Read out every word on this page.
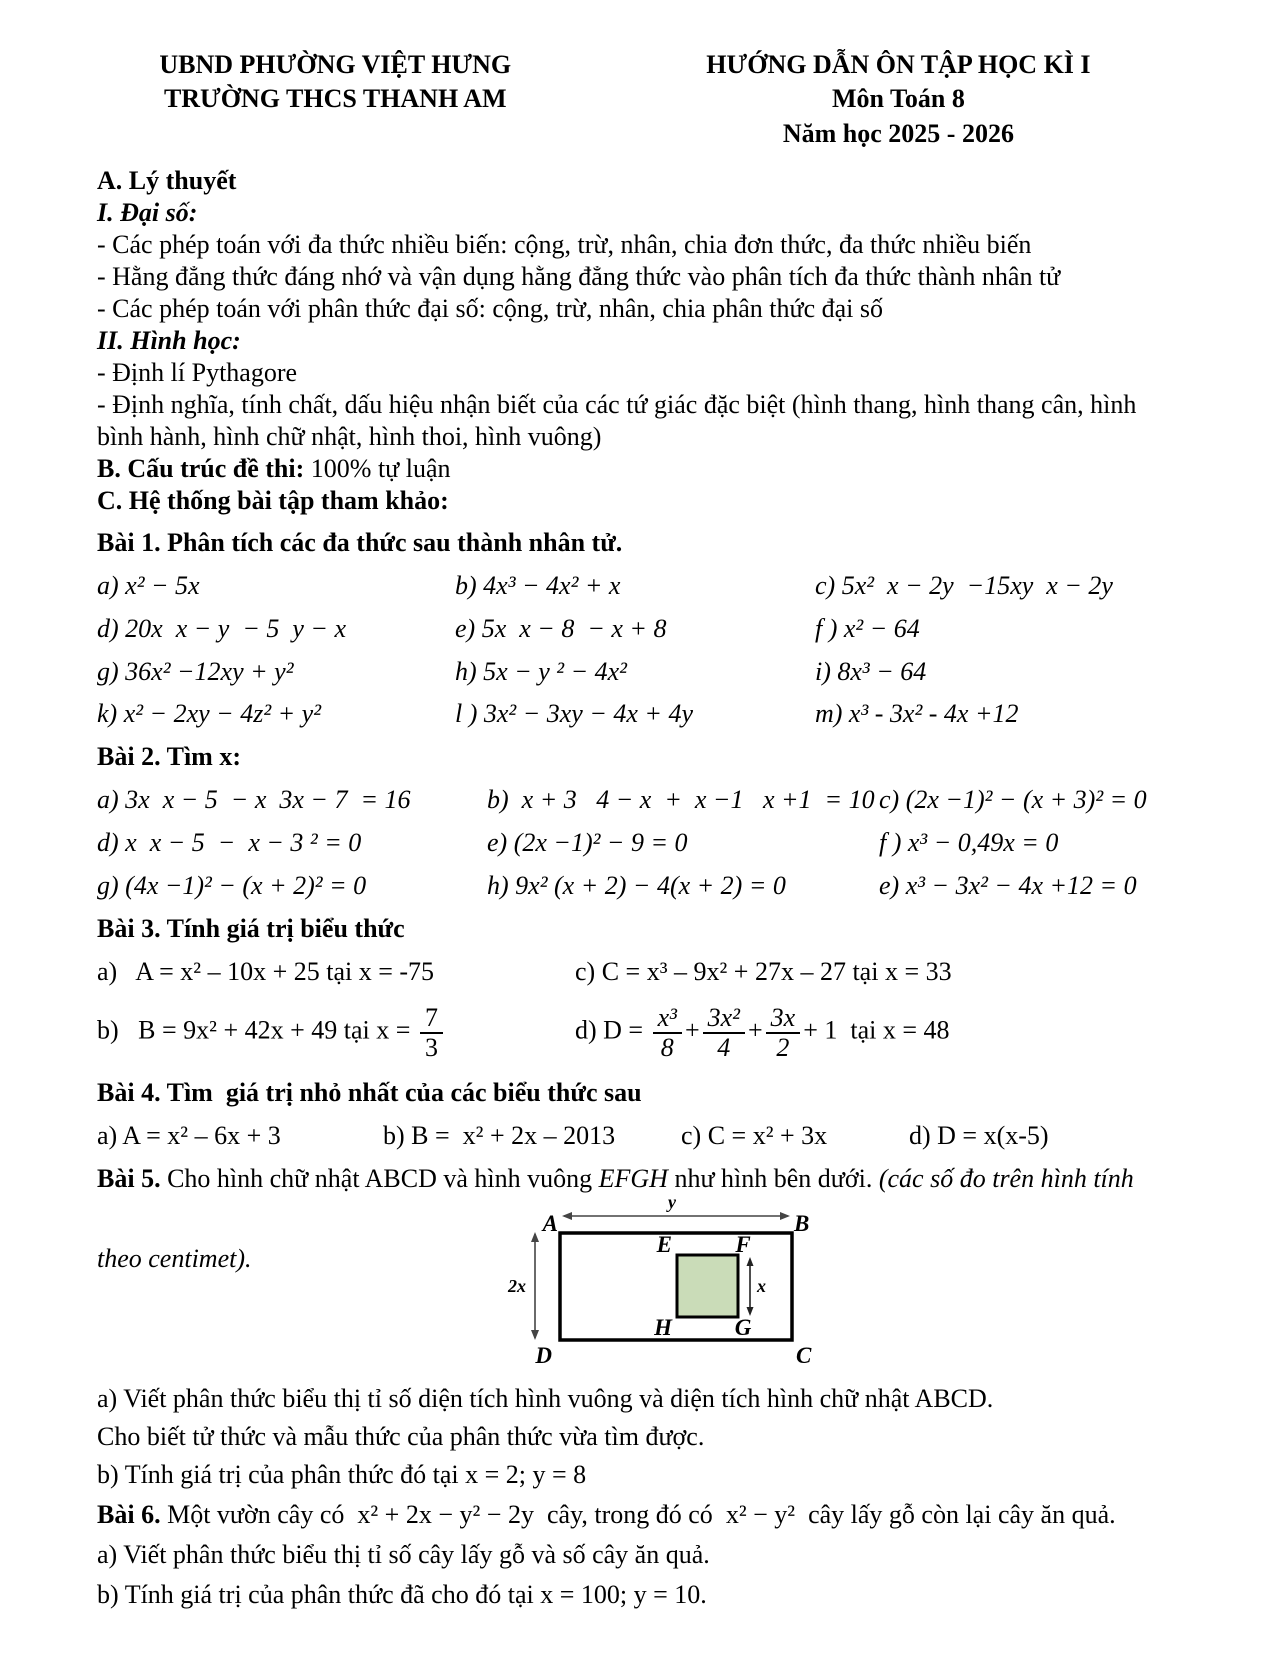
UBND PHƯỜNG VIỆT HƯNG
TRƯỜNG THCS THANH AM
HƯỚNG DẪN ÔN TẬP HỌC KÌ I
Môn Toán 8
Năm học 2025 - 2026

A. Lý thuyết

I. Đại số:

- Các phép toán với đa thức nhiều biến: cộng, trừ, nhân, chia đơn thức, đa thức nhiều biến

- Hằng đẳng thức đáng nhớ và vận dụng hằng đẳng thức vào phân tích đa thức thành nhân tử

- Các phép toán với phân thức đại số: cộng, trừ, nhân, chia phân thức đại số

II. Hình học:

- Định lí Pythagore

- Định nghĩa, tính chất, dấu hiệu nhận biết của các tứ giác đặc biệt (hình thang, hình thang cân, hình bình hành, hình chữ nhật, hình thoi, hình vuông)

B. Cấu trúc đề thi: 100% tự luận

C. Hệ thống bài tập tham khảo:

Bài 1. Phân tích các đa thức sau thành nhân tử.

a) x² − 5x	b) 4x³ − 4x² + x	c) 5x²  x − 2y  −15xy  x − 2y
d) 20x  x − y  − 5  y − x	e) 5x  x − 8  − x + 8	f ) x² − 64
g) 36x² −12xy + y²	h) 5x − y ² − 4x²	i) 8x³ − 64
k) x² − 2xy − 4z² + y²	l ) 3x² − 3xy − 4x + 4y	m) x³ - 3x² - 4x +12

Bài 2. Tìm x:

a) 3x  x − 5  − x  3x − 7  = 16	b)  x + 3   4 − x  +  x −1   x +1  = 10 c) (2x −1)² − (x + 3)² = 0
d) x  x − 5  −  x − 3 ² = 0	e) (2x −1)² − 9 = 0	f ) x³ − 0,49x = 0
g) (4x −1)² − (x + 2)² = 0	h) 9x² (x + 2) − 4(x + 2) = 0	e) x³ − 3x² − 4x +12 = 0

Bài 3. Tính giá trị biểu thức

a)   A = x² – 10x + 25 tại x = -75	c) C = x³ – 9x² + 27x – 27 tại x = 33
b)   B = 9x² + 42x + 49 tại $x = \frac{7}{3}$	d) $D = \frac{\text{x³}}{8} + \frac{\text{3x²}}{4} + \frac{3x}{2} + 1$  tại x = 48

Bài 4. Tìm  giá trị nhỏ nhất của các biểu thức sau

a) A = x² – 6x + 3	b) B =  x² + 2x – 2013	c) C = x² + 3x	d) D = x(x-5)

Bài 5. Cho hình chữ nhật ABCD và hình vuông EFGH như hình bên dưới. (các số đo trên hình tính

theo centimet).
y
A	B
2x
D	C
E	F
H	G
x

a) Viết phân thức biểu thị tỉ số diện tích hình vuông và diện tích hình chữ nhật ABCD.

Cho biết tử thức và mẫu thức của phân thức vừa tìm được.

b) Tính giá trị của phân thức đó tại x = 2; y = 8

Bài 6. Một vườn cây có  x² + 2x − y² − 2y  cây, trong đó có  x² − y²  cây lấy gỗ còn lại cây ăn quả.

a) Viết phân thức biểu thị tỉ số cây lấy gỗ và số cây ăn quả.

b) Tính giá trị của phân thức đã cho đó tại x = 100; y = 10.
